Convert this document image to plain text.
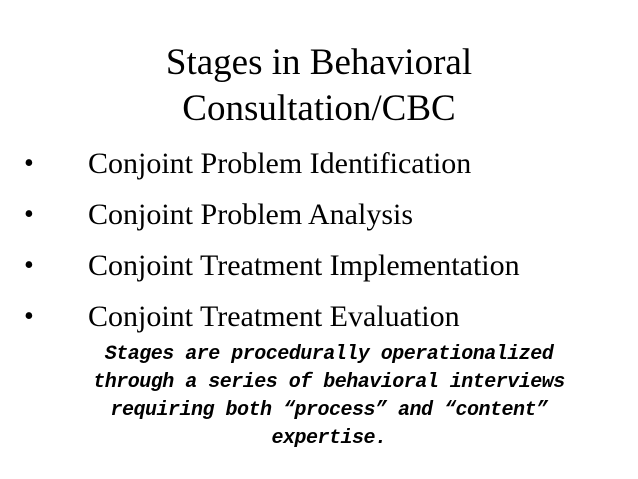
Stages in Behavioral
Consultation/CBC
• Conjoint Problem Identification
• Conjoint Problem Analysis
• Conjoint Treatment Implementation
• Conjoint Treatment Evaluation
Stages are procedurally operationalized
through a series of behavioral interviews
requiring both “process” and “content”
expertise.
